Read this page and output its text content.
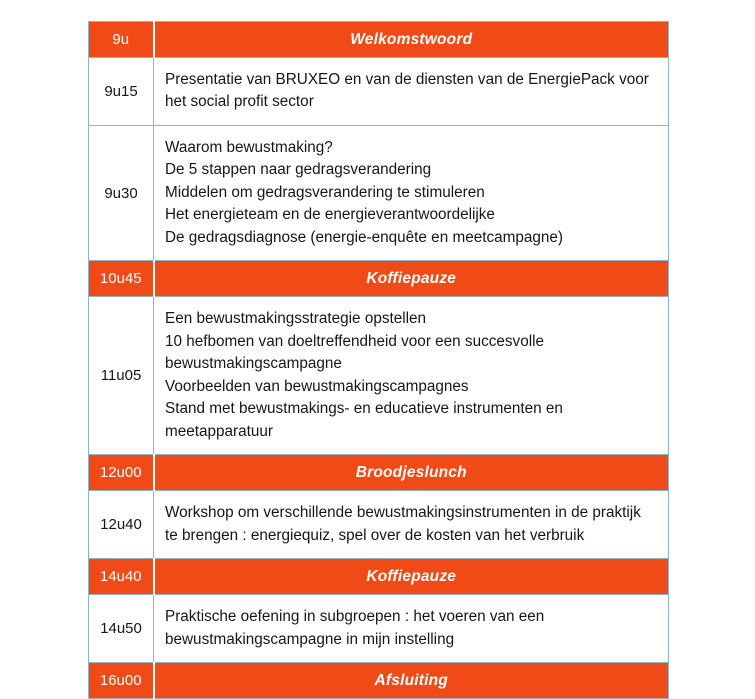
9u	Welkomstwoord

9u15	Presentatie van BRUXEO en van de diensten van de EnergiePack voor
het social profit sector

9u30	Waarom bewustmaking?
De 5 stappen naar gedragsverandering
Middelen om gedragsverandering te stimuleren
Het energieteam en de energieverantwoordelijke
De gedragsdiagnose (energie-enquête en meetcampagne)

10u45	Koffiepauze

11u05	
Een bewustmakingsstrategie opstellen
10 hefbomen van doeltreffendheid voor een succesvolle
bewustmakingscampagne
Voorbeelden van bewustmakingscampagnes
Stand met bewustmakings- en educatieve instrumenten en
meetapparatuur

12u00	Broodjeslunch

12u40	Workshop om verschillende bewustmakingsinstrumenten in de praktijk
te brengen : energiequiz, spel over de kosten van het verbruik

14u40	Koffiepauze

14u50	Praktische oefening in subgroepen : het voeren van een
bewustmakingscampagne in mijn instelling

16u00	Afsluiting
